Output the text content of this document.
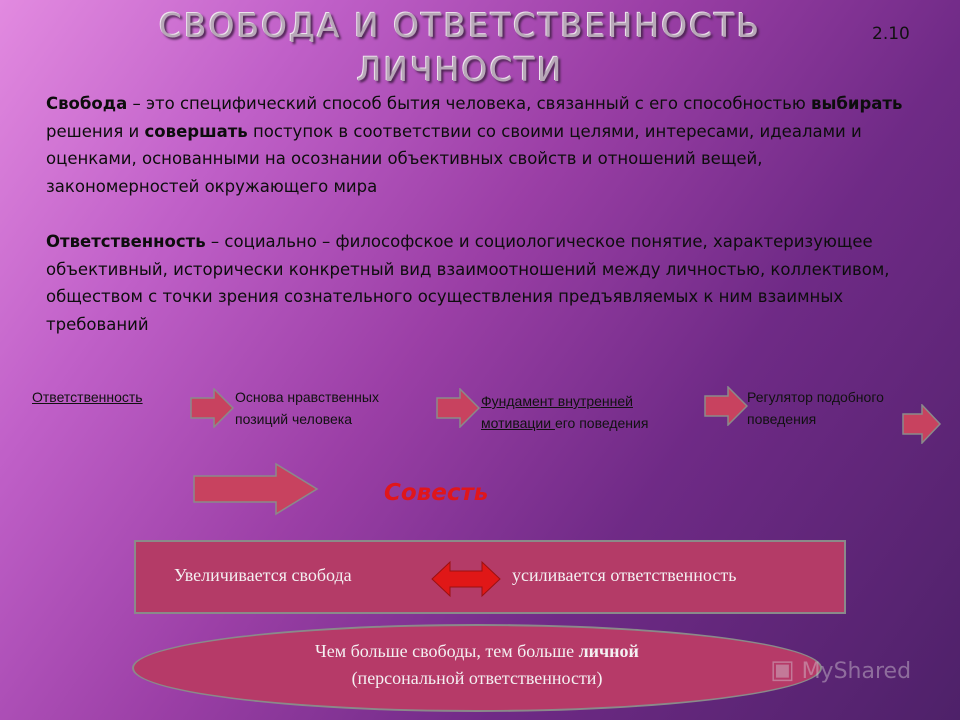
СВОБОДА И ОТВЕТСТВЕННОСТЬ
ЛИЧНОСТИ
2.10
Свобода – это специфический способ бытия человека, связанный с его способностью выбирать решения и совершать поступок в соответствии со своими целями, интересами, идеалами и оценками, основанными на осознании объективных свойств и отношений вещей, закономерностей окружающего мира
Ответственность – социально – философское и социологическое понятие, характеризующее объективный, исторически конкретный вид взаимоотношений между личностью, коллективом, обществом с точки зрения сознательного осуществления предъявляемых к ним взаимных требований
Ответственность	Основа нравственных
позиций человека
Фундамент внутренней
мотивации его поведения
Регулятор подобного
поведения
Совесть
Увеличивается свобода	усиливается ответственность
Чем больше свободы, тем больше личной
(персональной ответственности)	▣ MyShared
